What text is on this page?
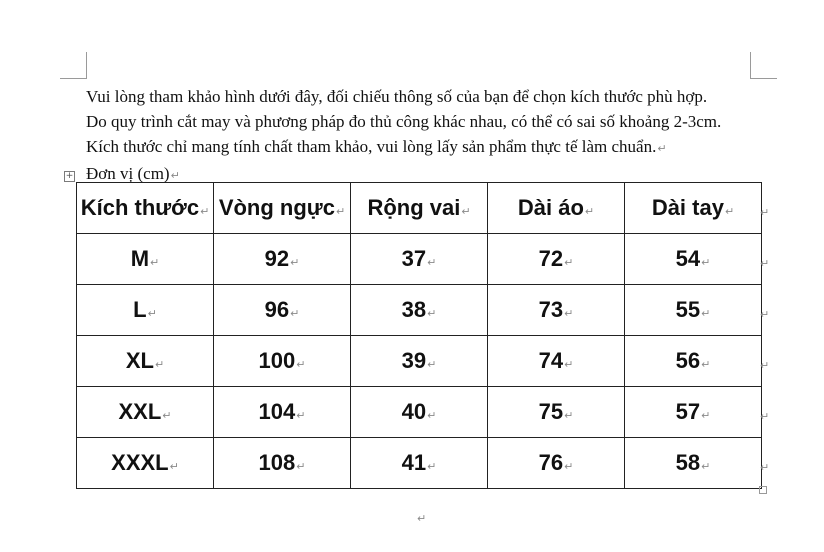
Vui lòng tham khảo hình dưới đây, đối chiếu thông số của bạn để chọn kích thước phù hợp.
Do quy trình cắt may và phương pháp đo thủ công khác nhau, có thể có sai số khoảng 2-3cm.
Kích thước chỉ mang tính chất tham khảo, vui lòng lấy sản phẩm thực tế làm chuẩn.↵
Đơn vị (cm)↵
+
Kích thước↵	Vòng ngực↵	Rộng vai↵	Dài áo↵	Dài tay↵
M↵	92↵	37↵	72↵	54↵
L↵	96↵	38↵	73↵	55↵
XL↵	100↵	39↵	74↵	56↵
XXL↵	104↵	40↵	75↵	57↵
XXXL↵	108↵	41↵	76↵	58↵
↵
↵
↵
↵
↵
↵
↵
